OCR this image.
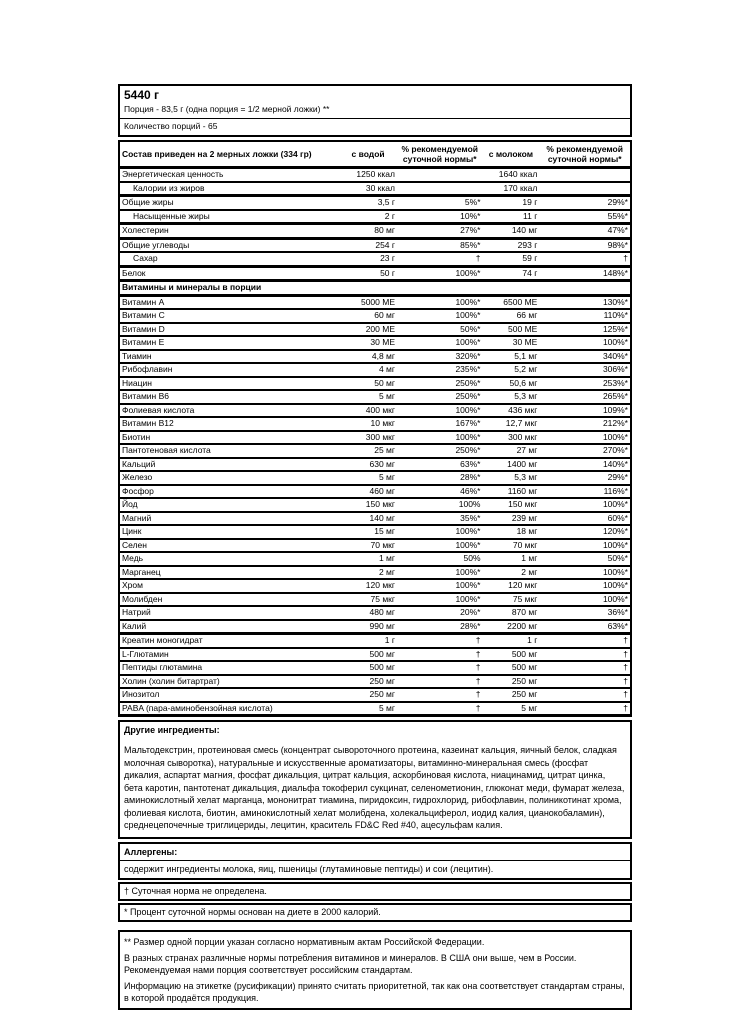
5440 г
Порция - 83,5 г (одна порция = 1/2 мерной ложки) **
Количество порций - 65
Состав приведен на 2 мерных ложки (334 гр)	с водой	% рекомендуемой суточной нормы*	с молоком	% рекомендуемой суточной нормы*
Энергетическая ценность	1250 ккал		1640 ккал	
Калории из жиров	30 ккал		170 ккал	
Общие жиры	3,5 г	5%*	19 г	29%*
Насыщенные жиры	2 г	10%*	11 г	55%*
Холестерин	80 мг	27%*	140 мг	47%*
Общие углеводы	254 г	85%*	293 г	98%*
Сахар	23 г	†	59 г	†
Белок	50 г	100%*	74 г	148%*
Витамины и минералы в порции				
Витамин A	5000 МЕ	100%*	6500 МЕ	130%*
Витамин C	60 мг	100%*	66 мг	110%*
Витамин D	200 МЕ	50%*	500 МЕ	125%*
Витамин E	30 МЕ	100%*	30 МЕ	100%*
Тиамин	4,8 мг	320%*	5,1 мг	340%*
Рибофлавин	4 мг	235%*	5,2 мг	306%*
Ниацин	50 мг	250%*	50,6 мг	253%*
Витамин B6	5 мг	250%*	5,3 мг	265%*
Фолиевая кислота	400 мкг	100%*	436 мкг	109%*
Витамин B12	10 мкг	167%*	12,7 мкг	212%*
Биотин	300 мкг	100%*	300 мкг	100%*
Пантотеновая кислота	25 мг	250%*	27 мг	270%*
Кальций	630 мг	63%*	1400 мг	140%*
Железо	5 мг	28%*	5,3 мг	29%*
Фосфор	460 мг	46%*	1160 мг	116%*
Йод	150 мкг	100%	150 мкг	100%*
Магний	140 мг	35%*	239 мг	60%*
Цинк	15 мг	100%*	18 мг	120%*
Селен	70 мкг	100%*	70 мкг	100%*
Медь	1 мг	50%	1 мг	50%*
Марганец	2 мг	100%*	2 мг	100%*
Хром	120 мкг	100%*	120 мкг	100%*
Молибден	75 мкг	100%*	75 мкг	100%*
Натрий	480 мг	20%*	870 мг	36%*
Калий	990 мг	28%*	2200 мг	63%*
Креатин моногидрат	1 г	†	1 г	†
L-Глютамин	500 мг	†	500 мг	†
Пептиды глютамина	500 мг	†	500 мг	†
Холин (холин битартрат)	250 мг	†	250 мг	†
Инозитол	250 мг	†	250 мг	†
PABA (пара-аминобензойная кислота)	5 мг	†	5 мг	†
Другие ингредиенты:

Мальтодекстрин, протеиновая смесь (концентрат сывороточного протеина, казеинат кальция, яичный белок, сладкая молочная сыворотка), натуральные и искусственные ароматизаторы, витаминно-минеральная смесь (фосфат дикалия, аспартат магния, фосфат дикальция, цитрат кальция, аскорбиновая кислота, ниацинамид, цитрат цинка, бета каротин, пантотенат дикальция, диальфа токоферил сукцинат, селенометионин, глюконат меди, фумарат железа, аминокислотный хелат марганца, мононитрат тиамина, пиридоксин, гидрохлорид, рибофлавин, полиникотинат хрома, фолиевая кислота, биотин, аминокислотный хелат молибдена, холекальциферол, иодид калия, цианокобаламин), среднецепочечные триглицериды, лецитин, краситель FD&C Red #40, ацесульфам калия.

Аллергены:
содержит ингредиенты молока, яиц, пшеницы (глутаминовые пептиды) и сои (лецитин).
† Суточная норма не определена.
* Процент суточной нормы основан на диете в 2000 калорий.

** Размер одной порции указан согласно нормативным актам Российской Федерации.

В разных странах различные нормы потребления витаминов и минералов. В США они выше, чем в России. Рекомендуемая нами порция соответствует российским стандартам.

Информацию на этикетке (русификации) принято считать приоритетной, так как она соответствует стандартам страны, в которой продаётся продукция.
